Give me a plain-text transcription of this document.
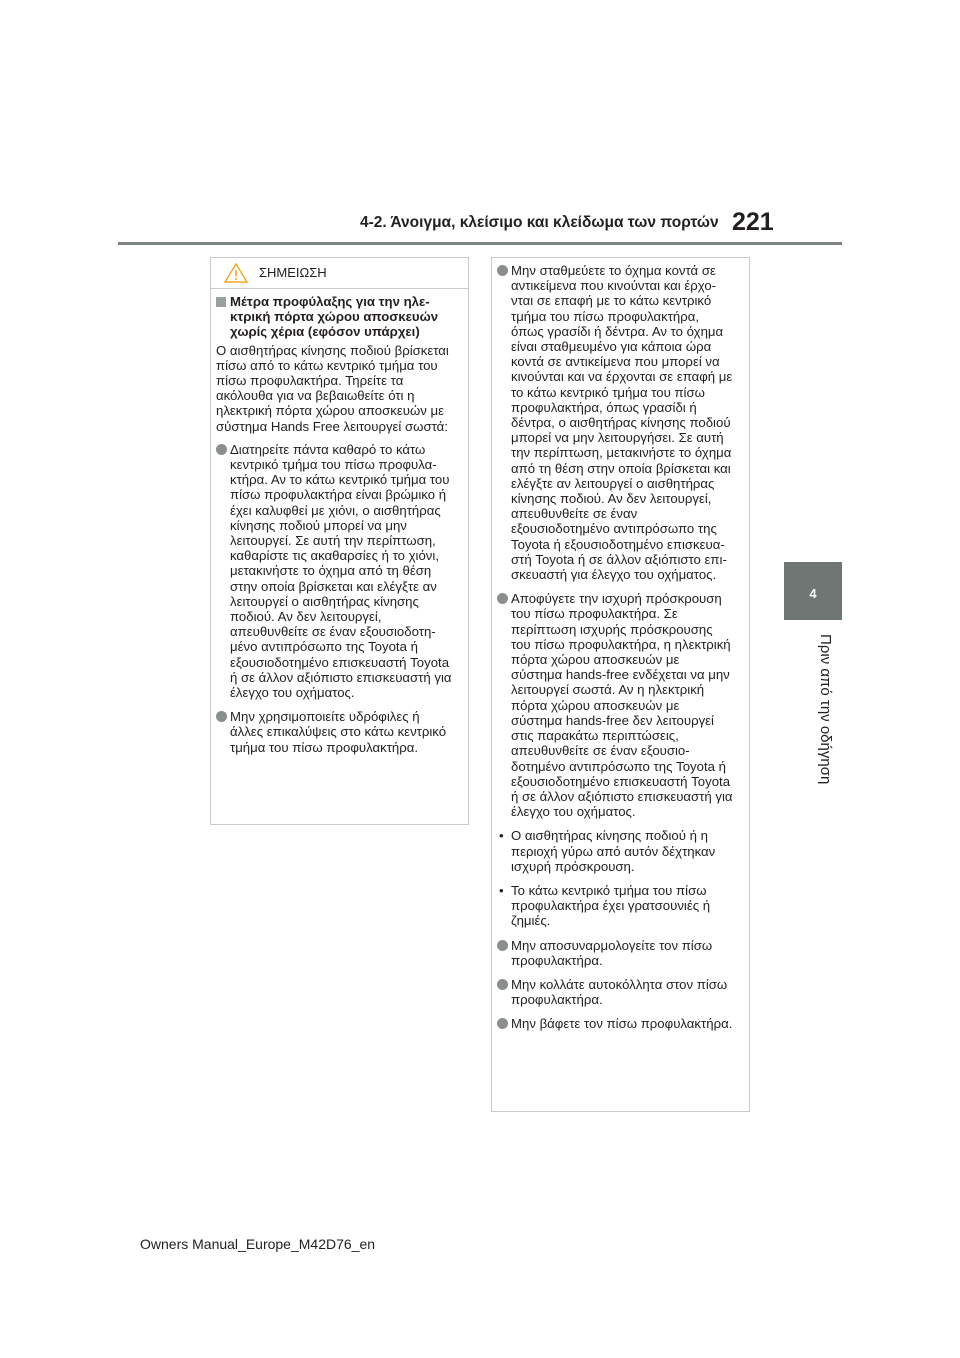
4-2. Άνοιγμα, κλείσιμο και κλείδωμα των πορτών 221
4
Πριν από την οδήγηση
ΣΗΜΕΙΩΣΗ
Μέτρα προφύλαξης για την ηλεκτρική πόρτα χώρου αποσκευών χωρίς χέρια (εφόσον υπάρχει)
Ο αισθητήρας κίνησης ποδιού βρίσκεται πίσω από το κάτω κεντρικό τμήμα του πίσω προφυλακτήρα. Τηρείτε τα ακόλουθα για να βεβαιωθείτε ότι η ηλεκτρική πόρτα χώρου αποσκευών με σύστημα Hands Free λειτουργεί σωστά:
Διατηρείτε πάντα καθαρό το κάτω κεντρικό τμήμα του πίσω προφυλακτήρα. Αν το κάτω κεντρικό τμήμα του πίσω προφυλακτήρα είναι βρώμικο ή έχει καλυφθεί με χιόνι, ο αισθητήρας κίνησης ποδιού μπορεί να μην λειτουργεί. Σε αυτή την περίπτωση, καθαρίστε τις ακαθαρσίες ή το χιόνι, μετακινήστε το όχημα από τη θέση στην οποία βρίσκεται και ελέγξτε αν λειτουργεί ο αισθητήρας κίνησης ποδιού. Αν δεν λειτουργεί, απευθυνθείτε σε έναν εξουσιοδοτημένο αντιπρόσωπο της Toyota ή εξουσιοδοτημένο επισκευαστή Toyota ή σε άλλον αξιόπιστο επισκευαστή για έλεγχο του οχήματος.
Μην χρησιμοποιείτε υδρόφιλες ή άλλες επικαλύψεις στο κάτω κεντρικό τμήμα του πίσω προφυλακτήρα.
Μην σταθμεύετε το όχημα κοντά σε αντικείμενα που κινούνται και έρχονται σε επαφή με το κάτω κεντρικό τμήμα του πίσω προφυλακτήρα, όπως γρασίδι ή δέντρα. Αν το όχημα είναι σταθμευμένο για κάποια ώρα κοντά σε αντικείμενα που μπορεί να κινούνται και να έρχονται σε επαφή με το κάτω κεντρικό τμήμα του πίσω προφυλακτήρα, όπως γρασίδι ή δέντρα, ο αισθητήρας κίνησης ποδιού μπορεί να μην λειτουργήσει. Σε αυτή την περίπτωση, μετακινήστε το όχημα από τη θέση στην οποία βρίσκεται και ελέγξτε αν λειτουργεί ο αισθητήρας κίνησης ποδιού. Αν δεν λειτουργεί, απευθυνθείτε σε έναν εξουσιοδοτημένο αντιπρόσωπο της Toyota ή εξουσιοδοτημένο επισκευαστή Toyota ή σε άλλον αξιόπιστο επισκευαστή για έλεγχο του οχήματος.
Αποφύγετε την ισχυρή πρόσκρουση του πίσω προφυλακτήρα. Σε περίπτωση ισχυρής πρόσκρουσης του πίσω προφυλακτήρα, η ηλεκτρική πόρτα χώρου αποσκευών με σύστημα hands-free ενδέχεται να μην λειτουργεί σωστά. Αν η ηλεκτρική πόρτα χώρου αποσκευών με σύστημα hands-free δεν λειτουργεί στις παρακάτω περιπτώσεις, απευθυνθείτε σε έναν εξουσιοδοτημένο αντιπρόσωπο της Toyota ή εξουσιοδοτημένο επισκευαστή Toyota ή σε άλλον αξιόπιστο επισκευαστή για έλεγχο του οχήματος.
• Ο αισθητήρας κίνησης ποδιού ή η περιοχή γύρω από αυτόν δέχτηκαν ισχυρή πρόσκρουση.
• Το κάτω κεντρικό τμήμα του πίσω προφυλακτήρα έχει γρατσουνιές ή ζημιές.
Μην αποσυναρμολογείτε τον πίσω προφυλακτήρα.
Μην κολλάτε αυτοκόλλητα στον πίσω προφυλακτήρα.
Μην βάφετε τον πίσω προφυλακτήρα.
Owners Manual_Europe_M42D76_en
